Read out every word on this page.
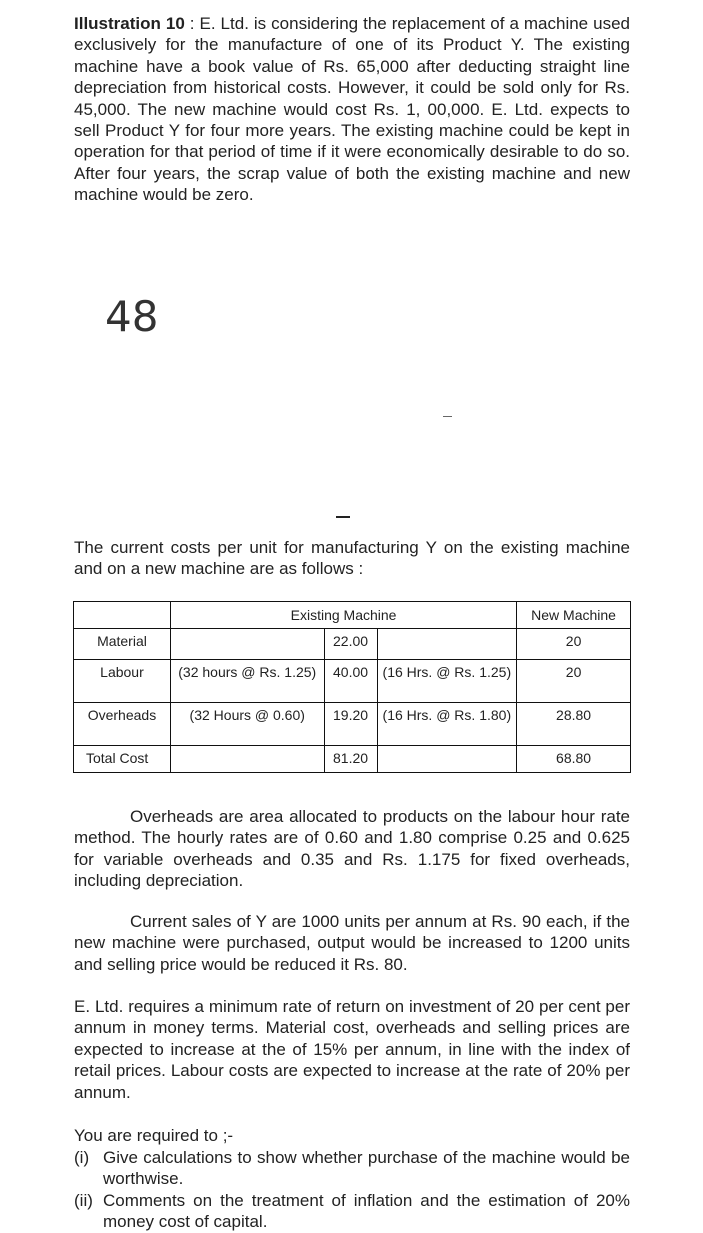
Illustration 10 : E. Ltd. is considering the replacement of a machine used exclusively for the manufacture of one of its Product Y. The existing machine have a book value of Rs. 65,000 after deducting straight line depreciation from historical costs. However, it could be sold only for Rs. 45,000. The new machine would cost Rs. 1, 00,000. E. Ltd. expects to sell Product Y for four more years. The existing machine could be kept in operation for that period of time if it were economically desirable to do so. After four years, the scrap value of both the existing machine and new machine would be zero.

48

The current costs per unit for manufacturing Y on the existing machine and on a new machine are as follows :

	Existing Machine			New Machine
Material		22.00		20
Labour	(32 hours @ Rs. 1.25)	40.00	(16 Hrs. @ Rs. 1.25)	20
Overheads	(32 Hours @ 0.60)	19.20	(16 Hrs. @ Rs. 1.80)	28.80
Total Cost		81.20		68.80

Overheads are area allocated to products on the labour hour rate method. The hourly rates are of 0.60 and 1.80 comprise 0.25 and 0.625 for variable overheads and 0.35 and Rs. 1.175 for fixed overheads, including depreciation.

Current sales of Y are 1000 units per annum at Rs. 90 each, if the new machine were purchased, output would be increased to 1200 units and selling price would be reduced it Rs. 80.

E. Ltd. requires a minimum rate of return on investment of 20 per cent per annum in money terms. Material cost, overheads and selling prices are expected to increase at the of 15% per annum, in line with the index of retail prices. Labour costs are expected to increase at the rate of 20% per annum.

You are required to ;-

(i) Give calculations to show whether purchase of the machine would be worthwise.
(ii) Comments on the treatment of inflation and the estimation of 20% money cost of capital.
